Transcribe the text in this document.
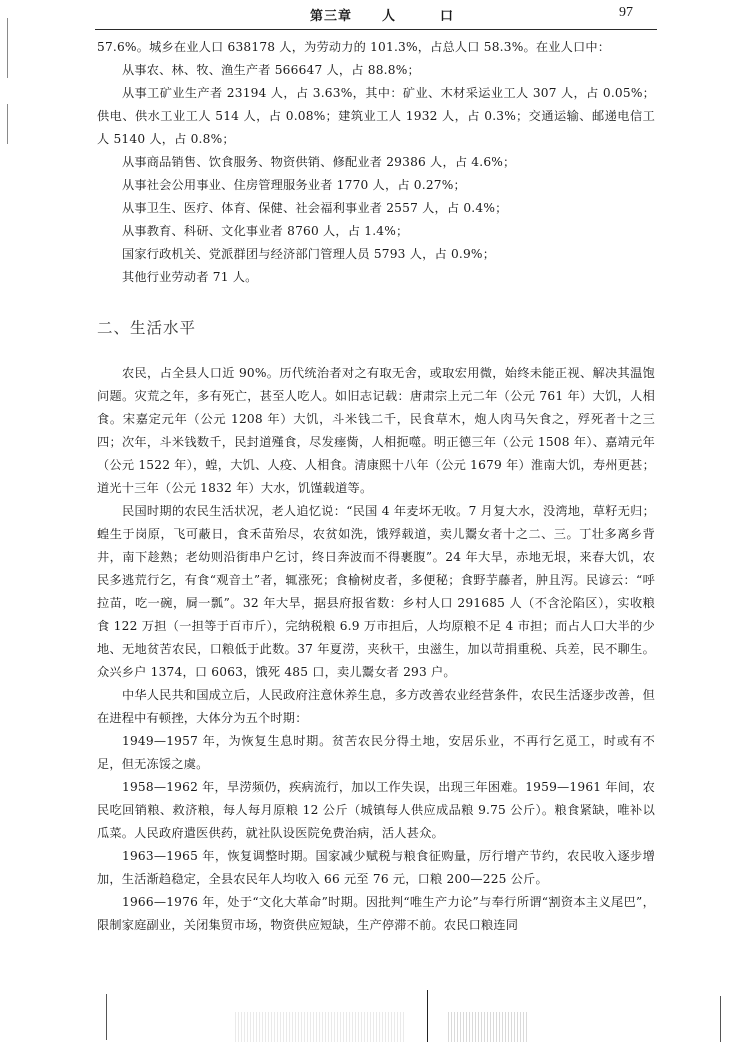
第三章 人	口	97

57.6%。城乡在业人口 638178 人，为劳动力的 101.3%，占总人口 58.3%。在业人口中：

从事农、林、牧、渔生产者 566647 人，占 88.8%；

从事工矿业生产者 23194 人，占 3.63%，其中：矿业、木材采运业工人 307 人，占 0.05%；供电、供水工业工人 514 人，占 0.08%；建筑业工人 1932 人，占 0.3%；交通运输、邮递电信工人 5140 人，占 0.8%；

从事商品销售、饮食服务、物资供销、修配业者 29386 人，占 4.6%；

从事社会公用事业、住房管理服务业者 1770 人，占 0.27%；

从事卫生、医疗、体育、保健、社会福利事业者 2557 人，占 0.4%；

从事教育、科研、文化事业者 8760 人，占 1.4%；

国家行政机关、党派群团与经济部门管理人员 5793 人，占 0.9%；

其他行业劳动者 71 人。

二、生活水平

农民，占全县人口近 90%。历代统治者对之有取无舍，或取宏用微，始终未能正视、解决其温饱问题。灾荒之年，多有死亡，甚至人吃人。如旧志记载：唐肃宗上元二年（公元 761 年）大饥，人相食。宋嘉定元年（公元 1208 年）大饥，斗米钱二千，民食草木，炮人肉马矢食之，殍死者十之三四；次年，斗米钱数千，民封道殣食，尽发瘗胔，人相扼噬。明正德三年（公元 1508 年）、嘉靖元年（公元 1522 年），蝗，大饥、人疫、人相食。清康熙十八年（公元 1679 年）淮南大饥，寿州更甚；道光十三年（公元 1832 年）大水，饥馑载道等。

民国时期的农民生活状况，老人追忆说：“民国 4 年麦坏无收。7 月复大水，没湾地，草籽无归；蝗生于岗原，飞可蔽日，食禾苗殆尽，农贫如洗，饿殍载道，卖儿鬻女者十之二、三。丁壮多离乡背井，南下趁熟；老幼则沿街串户乞讨，终日奔波而不得裹腹”。24 年大旱，赤地无垠，来春大饥，农民多逃荒行乞，有食“观音土”者，辄涨死；食榆树皮者，多便秘；食野芋藤者，肿且泻。民谚云：“呼拉苗，吃一碗，屙一瓢”。32 年大旱，据县府报省数：乡村人口 291685 人（不含沦陷区），实收粮食 122 万担（一担等于百市斤），完纳税粮 6.9 万市担后，人均原粮不足 4 市担；而占人口大半的少地、无地贫苦农民，口粮低于此数。37 年夏涝，夹秋干，虫滋生，加以苛捐重税、兵差，民不聊生。众兴乡户 1374，口 6063，饿死 485 口，卖儿鬻女者 293 户。

中华人民共和国成立后，人民政府注意休养生息，多方改善农业经营条件，农民生活逐步改善，但在进程中有顿挫，大体分为五个时期：

1949—1957 年，为恢复生息时期。贫苦农民分得土地，安居乐业，不再行乞觅工，时或有不足，但无冻馁之虞。

1958—1962 年，旱涝频仍，疾病流行，加以工作失误，出现三年困难。1959—1961 年间，农民吃回销粮、救济粮，每人每月原粮 12 公斤（城镇每人供应成品粮 9.75 公斤）。粮食紧缺，唯补以瓜菜。人民政府遣医供药，就社队设医院免费治病，活人甚众。

1963—1965 年，恢复调整时期。国家减少赋税与粮食征购量，厉行增产节约，农民收入逐步增加，生活渐趋稳定，全县农民年人均收入 66 元至 76 元，口粮 200—225 公斤。

1966—1976 年，处于“文化大革命”时期。因批判“唯生产力论”与奉行所谓“割资本主义尾巴”，限制家庭副业，关闭集贸市场，物资供应短缺，生产停滞不前。农民口粮连同
